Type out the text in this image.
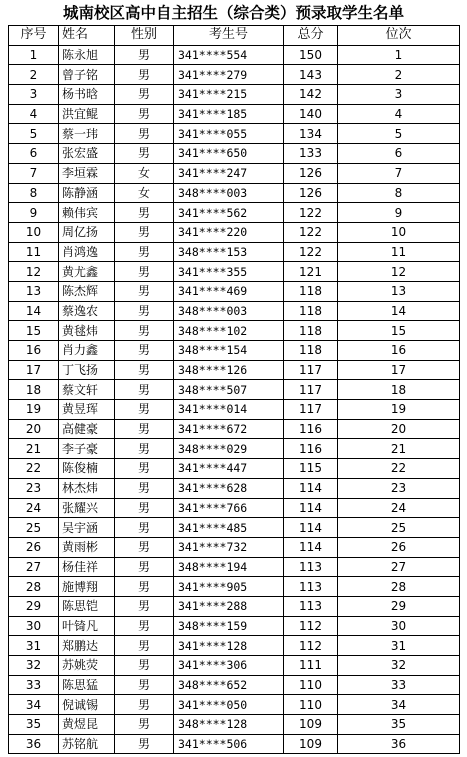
城南校区高中自主招生（综合类）预录取学生名单
序号	姓名	性别	考生号	总分	位次
1	陈永旭	男	341****554	150	1
2	曾子铭	男	341****279	143	2
3	杨书晗	男	341****215	142	3
4	洪宜鲲	男	341****185	140	4
5	蔡一玮	男	341****055	134	5
6	张宏盛	男	341****650	133	6
7	李垣霖	女	341****247	126	7
8	陈静涵	女	348****003	126	8
9	赖伟宾	男	341****562	122	9
10	周亿扬	男	341****220	122	10
11	肖鸿逸	男	348****153	122	11
12	黄尤鑫	男	341****355	121	12
13	陈杰辉	男	341****469	118	13
14	蔡逸农	男	348****003	118	14
15	黄毬炜	男	348****102	118	15
16	肖力鑫	男	348****154	118	16
17	丁飞扬	男	348****126	117	17
18	蔡文轩	男	348****507	117	18
19	黄昱珲	男	341****014	117	19
20	高健豪	男	341****672	116	20
21	李子豪	男	348****029	116	21
22	陈俊楠	男	341****447	115	22
23	林杰炜	男	341****628	114	23
24	张耀兴	男	341****766	114	24
25	吴宇涵	男	341****485	114	25
26	黄雨彬	男	341****732	114	26
27	杨佳祥	男	348****194	113	27
28	施博翔	男	341****905	113	28
29	陈思铠	男	341****288	113	29
30	叶锜凡	男	348****159	112	30
31	郑鹏达	男	341****128	112	31
32	苏姚荧	男	341****306	111	32
33	陈思猛	男	348****652	110	33
34	倪诚锡	男	341****050	110	34
35	黄煜昆	男	348****128	109	35
36	苏铭航	男	341****506	109	36
